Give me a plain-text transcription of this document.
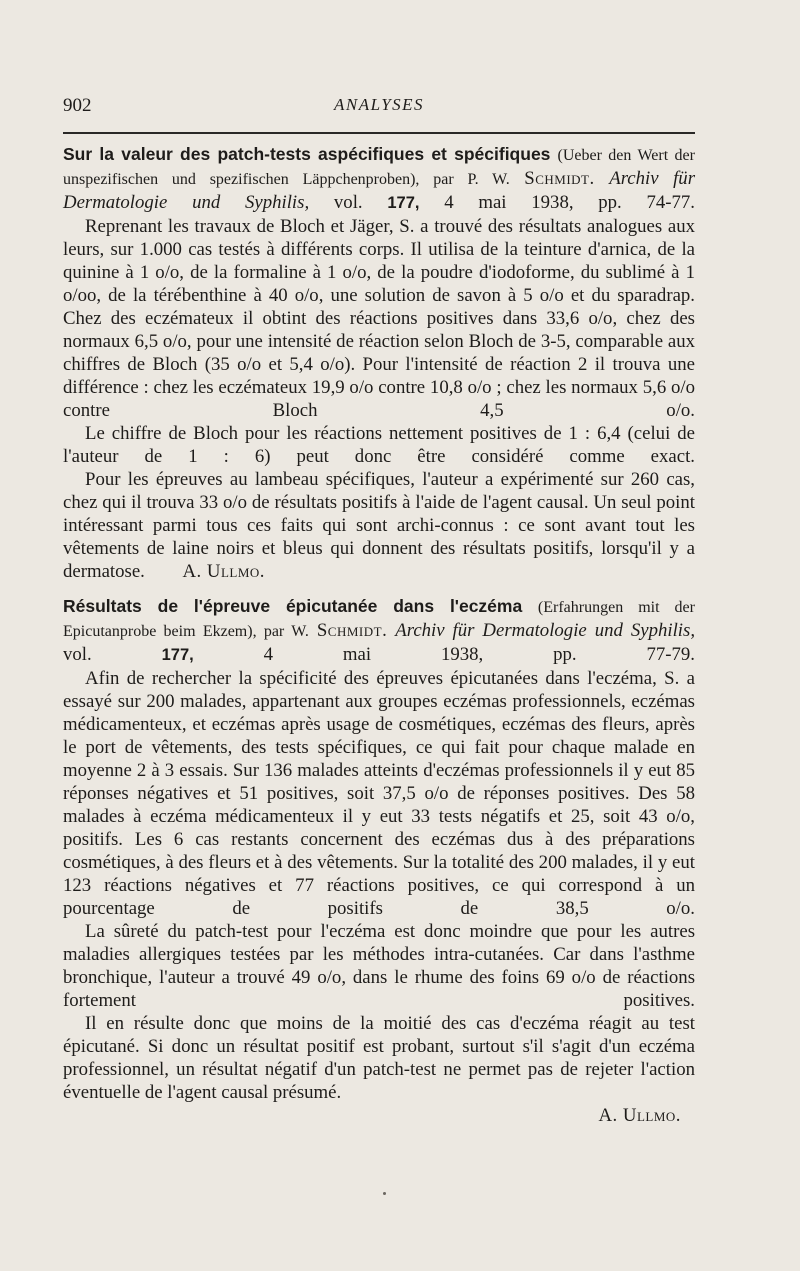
902	ANALYSES

Sur la valeur des patch-tests aspécifiques et spécifiques (Ueber den Wert der unspezifischen und spezifischen Läppchenproben), par P. W. Schmidt. Archiv für Dermatologie und Syphilis, vol. 177, 4 mai 1938, pp. 74-77.

Reprenant les travaux de Bloch et Jäger, S. a trouvé des résultats analogues aux leurs, sur 1.000 cas testés à différents corps. Il utilisa de la teinture d'arnica, de la quinine à 1 o/o, de la formaline à 1 o/o, de la poudre d'iodoforme, du sublimé à 1 o/oo, de la térébenthine à 40 o/o, une solution de savon à 5 o/o et du sparadrap. Chez des eczémateux il obtint des réactions positives dans 33,6 o/o, chez des normaux 6,5 o/o, pour une intensité de réaction selon Bloch de 3-5, comparable aux chiffres de Bloch (35 o/o et 5,4 o/o). Pour l'intensité de réaction 2 il trouva une différence : chez les eczémateux 19,9 o/o contre 10,8 o/o ; chez les normaux 5,6 o/o contre Bloch 4,5 o/o.

Le chiffre de Bloch pour les réactions nettement positives de 1 : 6,4 (celui de l'auteur de 1 : 6) peut donc être considéré comme exact.

Pour les épreuves au lambeau spécifiques, l'auteur a expérimenté sur 260 cas, chez qui il trouva 33 o/o de résultats positifs à l'aide de l'agent causal. Un seul point intéressant parmi tous ces faits qui sont archi-connus : ce sont avant tout les vêtements de laine noirs et bleus qui donnent des résultats positifs, lorsqu'il y a dermatose. A. Ullmo.

Résultats de l'épreuve épicutanée dans l'eczéma (Erfahrungen mit der Epicutanprobe beim Ekzem), par W. Schmidt. Archiv für Dermatologie und Syphilis, vol.	177,	4 mai 1938, pp. 77-79.

Afin de rechercher la spécificité des épreuves épicutanées dans l'eczéma, S. a essayé sur 200 malades, appartenant aux groupes eczémas professionnels, eczémas médicamenteux, et eczémas après usage de cosmétiques, eczémas des fleurs, après le port de vêtements, des tests spécifiques, ce qui fait pour chaque malade en moyenne 2 à 3 essais. Sur 136 malades atteints d'eczémas professionnels il y eut 85 réponses négatives et 51 positives, soit 37,5 o/o de réponses positives. Des 58 malades à eczéma médicamenteux il y eut 33 tests négatifs et 25, soit 43 o/o, positifs. Les 6 cas restants concernent des eczémas dus à des préparations cosmétiques, à des fleurs et à des vêtements. Sur la totalité des 200 malades, il y eut 123 réactions négatives et 77 réactions positives, ce qui correspond à un pourcentage de positifs de 38,5 o/o.

La sûreté du patch-test pour l'eczéma est donc moindre que pour les autres maladies allergiques testées par les méthodes intra-cutanées. Car dans l'asthme bronchique, l'auteur a trouvé 49 o/o, dans le rhume des foins 69 o/o de réactions fortement positives.

Il en résulte donc que moins de la moitié des cas d'eczéma réagit au test épicutané. Si donc un résultat positif est probant, surtout s'il s'agit d'un eczéma professionnel, un résultat négatif d'un patch-test ne permet pas de rejeter l'action éventuelle de l'agent causal présumé.

A. Ullmo.
